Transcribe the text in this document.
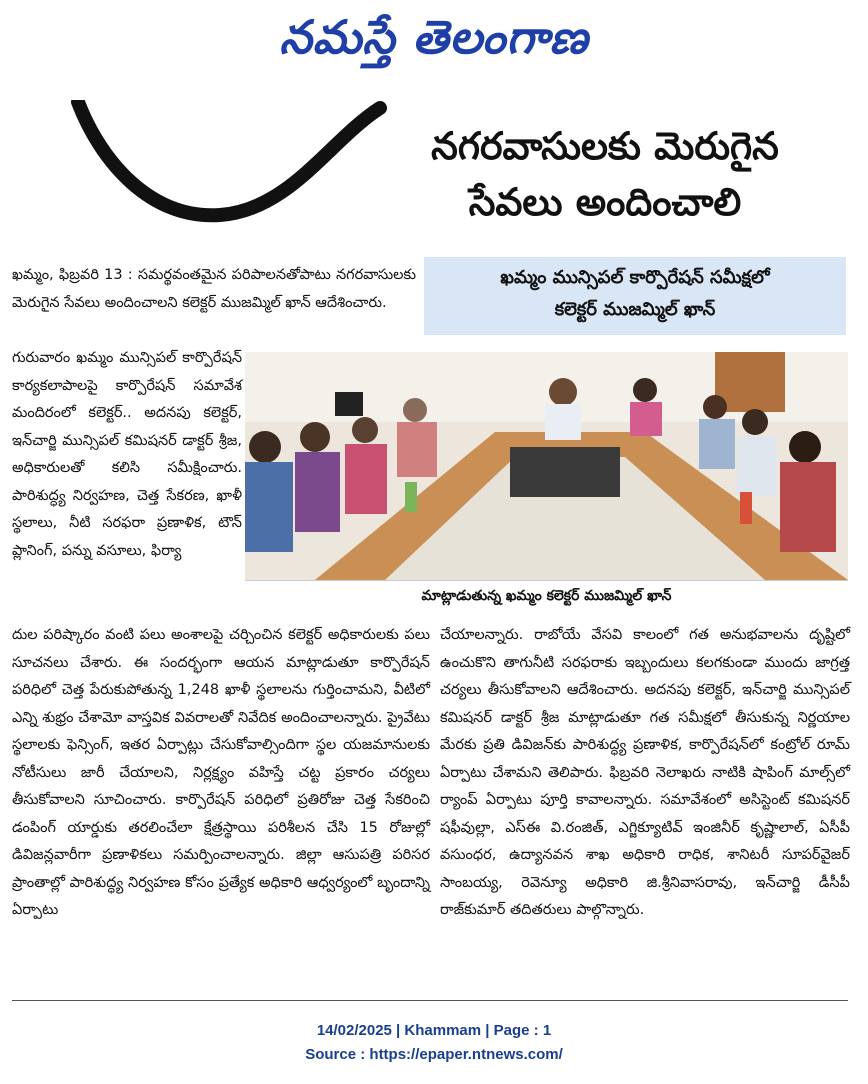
నమస్తే తెలంగాణ
నగరవాసులకు మెరుగైన
సేవలు అందించాలి
ఖమ్మం మున్సిపల్ కార్పొరేషన్ సమీక్షలో
కలెక్టర్ ముజమ్మిల్ ఖాన్

ఖమ్మం, ఫిబ్రవరి 13 : సమర్థవంతమైన పరిపాలనతోపాటు నగరవాసులకు మెరుగైన సేవలు అందించాలని కలెక్టర్ ముజమ్మిల్ ఖాన్ ఆదేశించారు.

గురువారం ఖమ్మం మున్సిపల్ కార్పొరేషన్ కార్యకలాపాలపై కార్పొరేషన్ సమావేశ మందిరంలో కలెక్టర్.. అదనపు కలెక్టర్, ఇన్‌చార్జి మున్సిపల్ కమిషనర్ డాక్టర్ శ్రీజ, అధికారులతో కలిసి సమీక్షించారు. పారిశుద్ధ్య నిర్వహణ, చెత్త సేకరణ, ఖాళీ స్థలాలు, నీటి సరఫరా ప్రణాళిక, టౌన్ ప్లానింగ్, పన్ను వసూలు, ఫిర్యా

మాట్లాడుతున్న ఖమ్మం కలెక్టర్ ముజమ్మిల్ ఖాన్

దుల పరిష్కారం వంటి పలు అంశాలపై చర్చించిన కలెక్టర్ అధికారులకు పలు సూచనలు చేశారు. ఈ సందర్భంగా ఆయన మాట్లాడుతూ కార్పొరేషన్ పరిధిలో చెత్త పేరుకుపోతున్న 1,248 ఖాళీ స్థలాలను గుర్తించామని, వీటిలో ఎన్ని శుభ్రం చేశామో వాస్తవిక వివరాలతో నివేదిక అందించాలన్నారు. ప్రైవేటు స్థలాలకు ఫెన్సింగ్, ఇతర ఏర్పాట్లు చేసుకోవాల్సిందిగా స్థల యజమానులకు నోటీసులు జారీ చేయాలని, నిర్లక్ష్యం వహిస్తే చట్ట ప్రకారం చర్యలు తీసుకోవాలని సూచించారు. కార్పొరేషన్ పరిధిలో ప్రతిరోజు చెత్త సేకరించి డంపింగ్ యార్డుకు తరలించేలా క్షేత్రస్థాయి పరిశీలన చేసి 15 రోజుల్లో డివిజన్లవారీగా ప్రణాళికలు సమర్పించాలన్నారు. జిల్లా ఆసుపత్రి పరిసర ప్రాంతాల్లో పారిశుద్ధ్య నిర్వహణ కోసం ప్రత్యేక అధికారి ఆధ్వర్యంలో బృందాన్ని ఏర్పాటు

చేయాలన్నారు. రాబోయే వేసవి కాలంలో గత అనుభవాలను దృష్టిలో ఉంచుకొని తాగునీటి సరఫరాకు ఇబ్బందులు కలగకుండా ముందు జాగ్రత్త చర్యలు తీసుకోవాలని ఆదేశించారు. అదనపు కలెక్టర్, ఇన్‌చార్జి మున్సిపల్ కమిషనర్ డాక్టర్ శ్రీజ మాట్లాడుతూ గత సమీక్షలో తీసుకున్న నిర్ణయాల మేరకు ప్రతి డివిజన్‌కు పారిశుద్ధ్య ప్రణాళిక, కార్పొరేషన్‌లో కంట్రోల్ రూమ్ ఏర్పాటు చేశామని తెలిపారు. ఫిబ్రవరి నెలాఖరు నాటికి షాపింగ్ మాల్స్‌లో ర్యాంప్ ఏర్పాటు పూర్తి కావాలన్నారు. సమావేశంలో అసిస్టెంట్ కమిషనర్ షఫీవుల్లా, ఎస్ఈ వి.రంజిత్, ఎగ్జిక్యూటివ్ ఇంజినీర్ కృష్ణాలాల్, ఏసీపీ వసుంధర, ఉద్యానవన శాఖ అధికారి రాధిక, శానిటరీ సూపర్‌వైజర్ సాంబయ్య, రెవెన్యూ అధికారి జి.శ్రీనివాసరావు, ఇన్‌చార్జి డీసీపీ రాజ్‌కుమార్ తదితరులు పాల్గొన్నారు.

14/02/2025 | Khammam | Page : 1
Source : https://epaper.ntnews.com/
